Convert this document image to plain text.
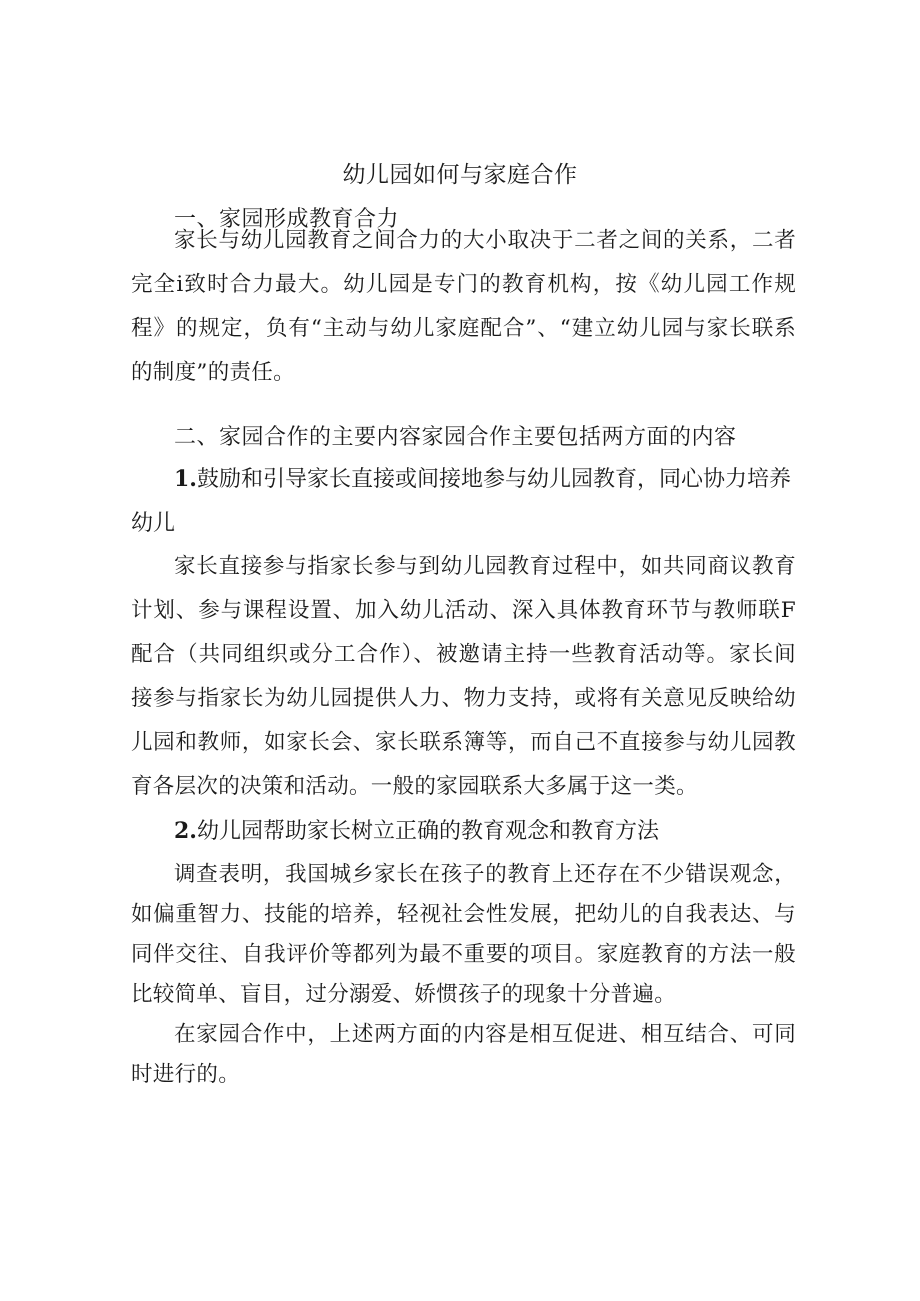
幼儿园如何与家庭合作
一、家园形成教育合力

家长与幼儿园教育之间合力的大小取决于二者之间的关系，二者完全i致时合力最大。幼儿园是专门的教育机构，按《幼儿园工作规程》的规定，负有“主动与幼儿家庭配合”、“建立幼儿园与家长联系的制度”的责任。

二、家园合作的主要内容家园合作主要包括两方面的内容
1.鼓励和引导家长直接或间接地参与幼儿园教育，同心协力培养幼儿

家长直接参与指家长参与到幼儿园教育过程中，如共同商议教育计划、参与课程设置、加入幼儿活动、深入具体教育环节与教师联F配合（共同组织或分工合作）、被邀请主持一些教育活动等。家长间接参与指家长为幼儿园提供人力、物力支持，或将有关意见反映给幼儿园和教师，如家长会、家长联系簿等，而自己不直接参与幼儿园教育各层次的决策和活动。一般的家园联系大多属于这一类。

2.幼儿园帮助家长树立正确的教育观念和教育方法

调查表明，我国城乡家长在孩子的教育上还存在不少错误观念，如偏重智力、技能的培养，轻视社会性发展，把幼儿的自我表达、与同伴交往、自我评价等都列为最不重要的项目。家庭教育的方法一般比较简单、盲目，过分溺爱、娇惯孩子的现象十分普遍。

在家园合作中，上述两方面的内容是相互促进、相互结合、可同时进行的。
